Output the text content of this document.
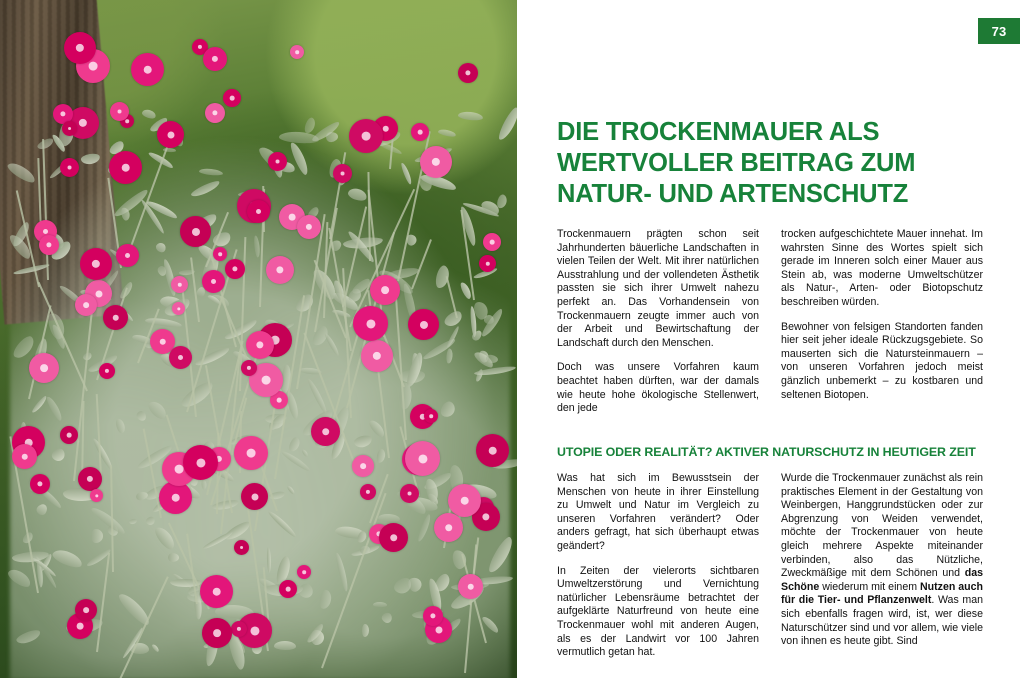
73
DIE TROCKENMAUER ALS WERTVOLLER BEITRAG ZUM NATUR- UND ARTENSCHUTZ

Trockenmauern prägten schon seit Jahrhunderten bäuerliche Landschaften in vielen Teilen der Welt. Mit ihrer natürlichen Ausstrahlung und der vollendeten Ästhetik passten sie sich ihrer Umwelt nahezu perfekt an. Das Vorhandensein von Trockenmauern zeugte immer auch von der Arbeit und Bewirtschaftung der Landschaft durch den Menschen.

Doch was unsere Vorfahren kaum beachtet haben dürften, war der damals wie heute hohe ökologische Stellenwert, den jede

trocken aufgeschichtete Mauer innehat. Im wahrsten Sinne des Wortes spielt sich gerade im Inneren solch einer Mauer aus Stein ab, was moderne Umweltschützer als Natur-, Arten- oder Biotopschutz beschreiben würden.

Bewohner von felsigen Standorten fanden hier seit jeher ideale Rückzugsgebiete. So mauserten sich die Natursteinmauern – von unseren Vorfahren jedoch meist gänzlich unbemerkt – zu kostbaren und seltenen Biotopen.

UTOPIE ODER REALITÄT? AKTIVER NATURSCHUTZ IN HEUTIGER ZEIT

Was hat sich im Bewusstsein der Menschen von heute in ihrer Einstellung zu Umwelt und Natur im Vergleich zu unseren Vorfahren verändert? Oder anders gefragt, hat sich überhaupt etwas geändert?

In Zeiten der vielerorts sichtbaren Umweltzerstörung und Vernichtung natürlicher Lebensräume betrachtet der aufgeklärte Naturfreund von heute eine Trockenmauer wohl mit anderen Augen, als es der Landwirt vor 100 Jahren vermutlich getan hat.

Wurde die Trockenmauer zunächst als rein praktisches Element in der Gestaltung von Weinbergen, Hanggrundstücken oder zur Abgrenzung von Weiden verwendet, möchte der Trockenmauer von heute gleich mehrere Aspekte miteinander verbinden, also das Nützliche, Zweckmäßige mit dem Schönen und das Schöne wiederum mit einem Nutzen auch für die Tier- und Pflanzenwelt. Was man sich ebenfalls fragen wird, ist, wer diese Naturschützer sind und vor allem, wie viele von ihnen es heute gibt. Sind
